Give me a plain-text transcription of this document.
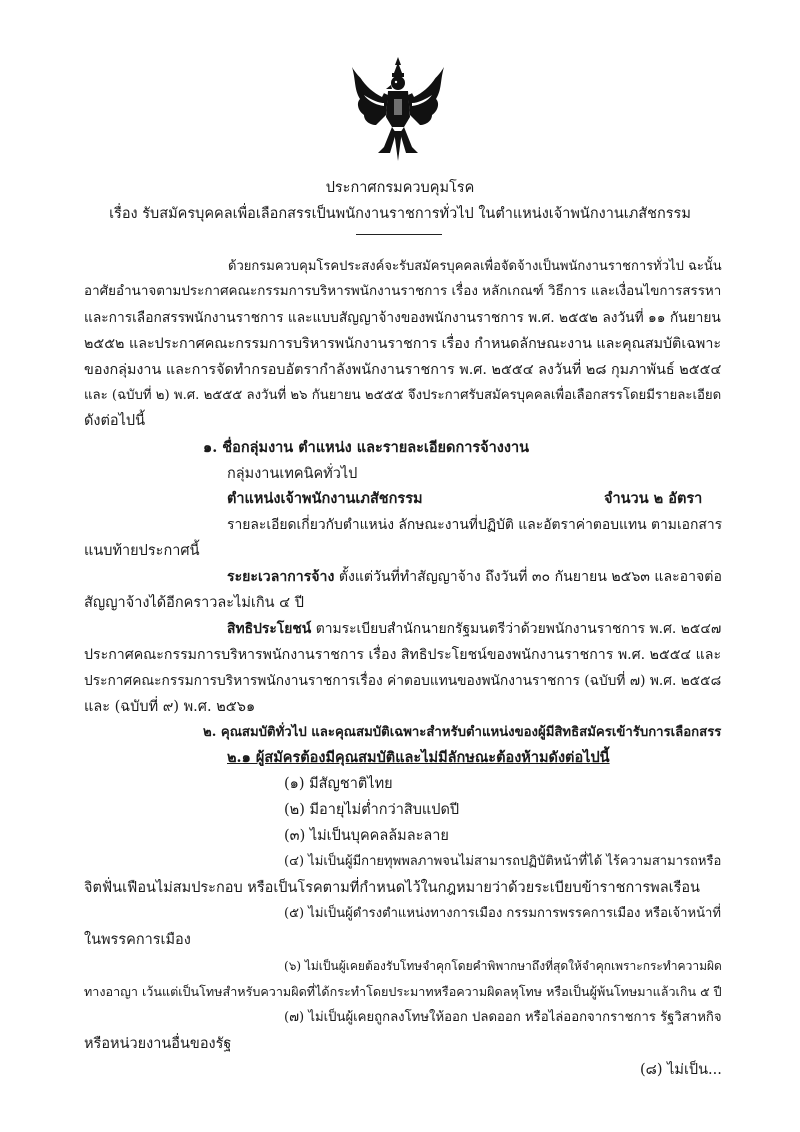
ประกาศกรมควบคุมโรค
เรื่อง รับสมัครบุคคลเพื่อเลือกสรรเป็นพนักงานราชการทั่วไป ในตำแหน่งเจ้าพนักงานเภสัชกรรม
ด้วยกรมควบคุมโรคประสงค์จะรับสมัครบุคคลเพื่อจัดจ้างเป็นพนักงานราชการทั่วไป ฉะนั้น
อาศัยอำนาจตามประกาศคณะกรรมการบริหารพนักงานราชการ เรื่อง หลักเกณฑ์ วิธีการ และเงื่อนไขการสรรหา
และการเลือกสรรพนักงานราชการ และแบบสัญญาจ้างของพนักงานราชการ พ.ศ. ๒๕๕๒ ลงวันที่ ๑๑ กันยายน
๒๕๕๒ และประกาศคณะกรรมการบริหารพนักงานราชการ เรื่อง กำหนดลักษณะงาน และคุณสมบัติเฉพาะ
ของกลุ่มงาน และการจัดทำกรอบอัตรากำลังพนักงานราชการ พ.ศ. ๒๕๕๔ ลงวันที่ ๒๘ กุมภาพันธ์ ๒๕๕๔
และ (ฉบับที่ ๒) พ.ศ. ๒๕๕๕ ลงวันที่ ๒๖ กันยายน ๒๕๕๕ จึงประกาศรับสมัครบุคคลเพื่อเลือกสรรโดยมีรายละเอียด
ดังต่อไปนี้
๑. ชื่อกลุ่มงาน ตำแหน่ง และรายละเอียดการจ้างงาน
กลุ่มงานเทคนิคทั่วไป
ตำแหน่งเจ้าพนักงานเภสัชกรรม	จำนวน ๒ อัตรา
รายละเอียดเกี่ยวกับตำแหน่ง ลักษณะงานที่ปฏิบัติ และอัตราค่าตอบแทน ตามเอกสาร
แนบท้ายประกาศนี้
ระยะเวลาการจ้าง ตั้งแต่วันที่ทำสัญญาจ้าง ถึงวันที่ ๓๐ กันยายน ๒๕๖๓ และอาจต่อ
สัญญาจ้างได้อีกคราวละไม่เกิน ๔ ปี
สิทธิประโยชน์ ตามระเบียบสำนักนายกรัฐมนตรีว่าด้วยพนักงานราชการ พ.ศ. ๒๕๔๗
ประกาศคณะกรรมการบริหารพนักงานราชการ เรื่อง สิทธิประโยชน์ของพนักงานราชการ พ.ศ. ๒๕๕๔ และ
ประกาศคณะกรรมการบริหารพนักงานราชการเรื่อง ค่าตอบแทนของพนักงานราชการ (ฉบับที่ ๗) พ.ศ. ๒๕๕๘
และ (ฉบับที่ ๙) พ.ศ. ๒๕๖๑
๒. คุณสมบัติทั่วไป และคุณสมบัติเฉพาะสำหรับตำแหน่งของผู้มีสิทธิสมัครเข้ารับการเลือกสรร
๒.๑ ผู้สมัครต้องมีคุณสมบัติและไม่มีลักษณะต้องห้ามดังต่อไปนี้
(๑) มีสัญชาติไทย
(๒) มีอายุไม่ต่ำกว่าสิบแปดปี
(๓) ไม่เป็นบุคคลล้มละลาย
(๔) ไม่เป็นผู้มีกายทุพพลภาพจนไม่สามารถปฏิบัติหน้าที่ได้ ไร้ความสามารถหรือ
จิตฟั่นเฟือนไม่สมประกอบ หรือเป็นโรคตามที่กำหนดไว้ในกฎหมายว่าด้วยระเบียบข้าราชการพลเรือน
(๕) ไม่เป็นผู้ดำรงตำแหน่งทางการเมือง กรรมการพรรคการเมือง หรือเจ้าหน้าที่
ในพรรคการเมือง
(๖) ไม่เป็นผู้เคยต้องรับโทษจำคุกโดยคำพิพากษาถึงที่สุดให้จำคุกเพราะกระทำความผิด
ทางอาญา เว้นแต่เป็นโทษสำหรับความผิดที่ได้กระทำโดยประมาทหรือความผิดลหุโทษ หรือเป็นผู้พ้นโทษมาแล้วเกิน ๕ ปี
(๗) ไม่เป็นผู้เคยถูกลงโทษให้ออก ปลดออก หรือไล่ออกจากราชการ รัฐวิสาหกิจ
หรือหน่วยงานอื่นของรัฐ
(๘) ไม่เป็น...
